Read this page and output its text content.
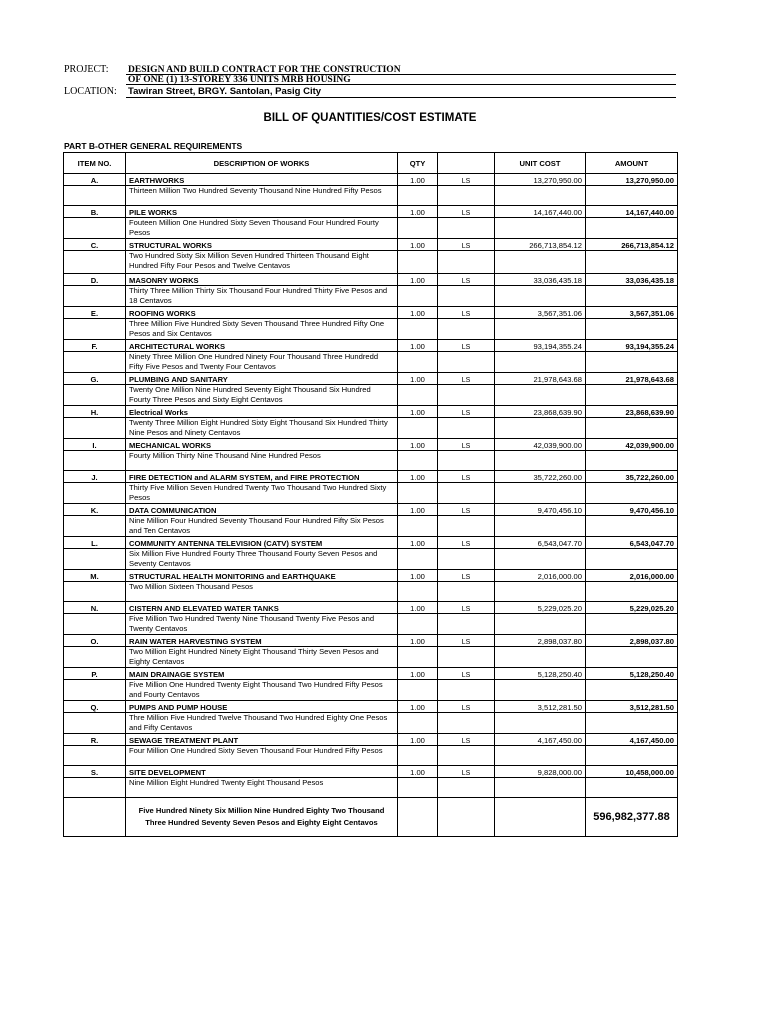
PROJECT:	DESIGN AND BUILD CONTRACT FOR THE CONSTRUCTION
OF ONE (1) 13-STOREY 336 UNITS MRB HOUSING
LOCATION:	Tawiran Street, BRGY. Santolan, Pasig City
BILL OF QUANTITIES/COST ESTIMATE
PART B-OTHER GENERAL REQUIREMENTS
ITEM NO.	DESCRIPTION OF WORKS	QTY		UNIT COST	AMOUNT
A.	EARTHWORKS	1.00	LS	13,270,950.00	13,270,950.00
	Thirteen Million Two Hundred Seventy Thousand Nine Hundred Fifty Pesos				
B.	PILE WORKS	1.00	LS	14,167,440.00	14,167,440.00
	Fouteen Million One Hundred Sixty Seven Thousand Four Hundred Fourty Pesos				
C.	STRUCTURAL WORKS	1.00	LS	266,713,854.12	266,713,854.12
	Two Hundred Sixty Six Million Seven Hundred Thirteen Thousand Eight Hundred Fifty Four Pesos and Twelve Centavos				
D.	MASONRY WORKS	1.00	LS	33,036,435.18	33,036,435.18
	Thirty Three Million Thirty Six Thousand Four Hundred Thirty Five Pesos and 18 Centavos				
E.	ROOFING WORKS	1.00	LS	3,567,351.06	3,567,351.06
	Three Million Five Hundred Sixty Seven Thousand Three Hundred Fifty One Pesos and Six Centavos				
F.	ARCHITECTURAL WORKS	1.00	LS	93,194,355.24	93,194,355.24
	Ninety Three Million One Hundred Ninety Four Thousand Three Hundredd Fifty Five Pesos and Twenty Four Centavos				
G.	PLUMBING AND SANITARY	1.00	LS	21,978,643.68	21,978,643.68
	Twenty One Million Nine Hundred Seventy Eight Thousand Six Hundred Fourty Three Pesos and Sixty Eight Centavos				
H.	Electrical Works	1.00	LS	23,868,639.90	23,868,639.90
	Twenty Three Million Eight Hundred Sixty Eight Thousand Six Hundred Thirty Nine Pesos and Ninety Centavos				
I.	MECHANICAL WORKS	1.00	LS	42,039,900.00	42,039,900.00
	Fourty Million Thirty Nine Thousand Nine Hundred Pesos				
J.	FIRE DETECTION and ALARM SYSTEM, and FIRE PROTECTION	1.00	LS	35,722,260.00	35,722,260.00
	Thirty Five Million Seven Hundred Twenty Two Thousand Two Hundred Sixty Pesos				
K.	DATA COMMUNICATION	1.00	LS	9,470,456.10	9,470,456.10
	Nine Million Four Hundred Seventy Thousand Four Hundred Fifty Six Pesos and Ten Centavos				
L.	COMMUNITY ANTENNA TELEVISION (CATV) SYSTEM	1.00	LS	6,543,047.70	6,543,047.70
	Six Million Five Hundred Fourty Three Thousand Fourty Seven Pesos and Seventy Centavos				
M.	STRUCTURAL HEALTH MONITORING and EARTHQUAKE	1.00	LS	2,016,000.00	2,016,000.00
	Two Million Sixteen Thousand Pesos				
N.	CISTERN AND ELEVATED WATER TANKS	1.00	LS	5,229,025.20	5,229,025.20
	Five Million Two Hundred Twenty Nine Thousand Twenty Five Pesos and Twenty Centavos				
O.	RAIN WATER HARVESTING SYSTEM	1.00	LS	2,898,037.80	2,898,037.80
	Two Million Eight Hundred Ninety Eight Thousand Thirty Seven Pesos and Eighty Centavos				
P.	MAIN DRAINAGE SYSTEM	1.00	LS	5,128,250.40	5,128,250.40
	Five Million One Hundred Twenty Eight Thousand Two Hundred Fifty Pesos and Fourty Centavos				
Q.	PUMPS AND PUMP HOUSE	1.00	LS	3,512,281.50	3,512,281.50
	Thre Million Five Hundred Twelve Thousand Two Hundred Eighty One Pesos and Fifty Centavos				
R.	SEWAGE TREATMENT PLANT	1.00	LS	4,167,450.00	4,167,450.00
	Four Million One Hundred Sixty Seven Thousand Four Hundred Fifty Pesos				
S.	SITE DEVELOPMENT	1.00	LS	9,828,000.00	10,458,000.00
	Nine Million Eight Hundred Twenty Eight Thousand Pesos				
	Five Hundred Ninety Six Million Nine Hundred Eighty Two Thousand Three Hundred Seventy Seven Pesos and Eighty Eight Centavos				596,982,377.88
